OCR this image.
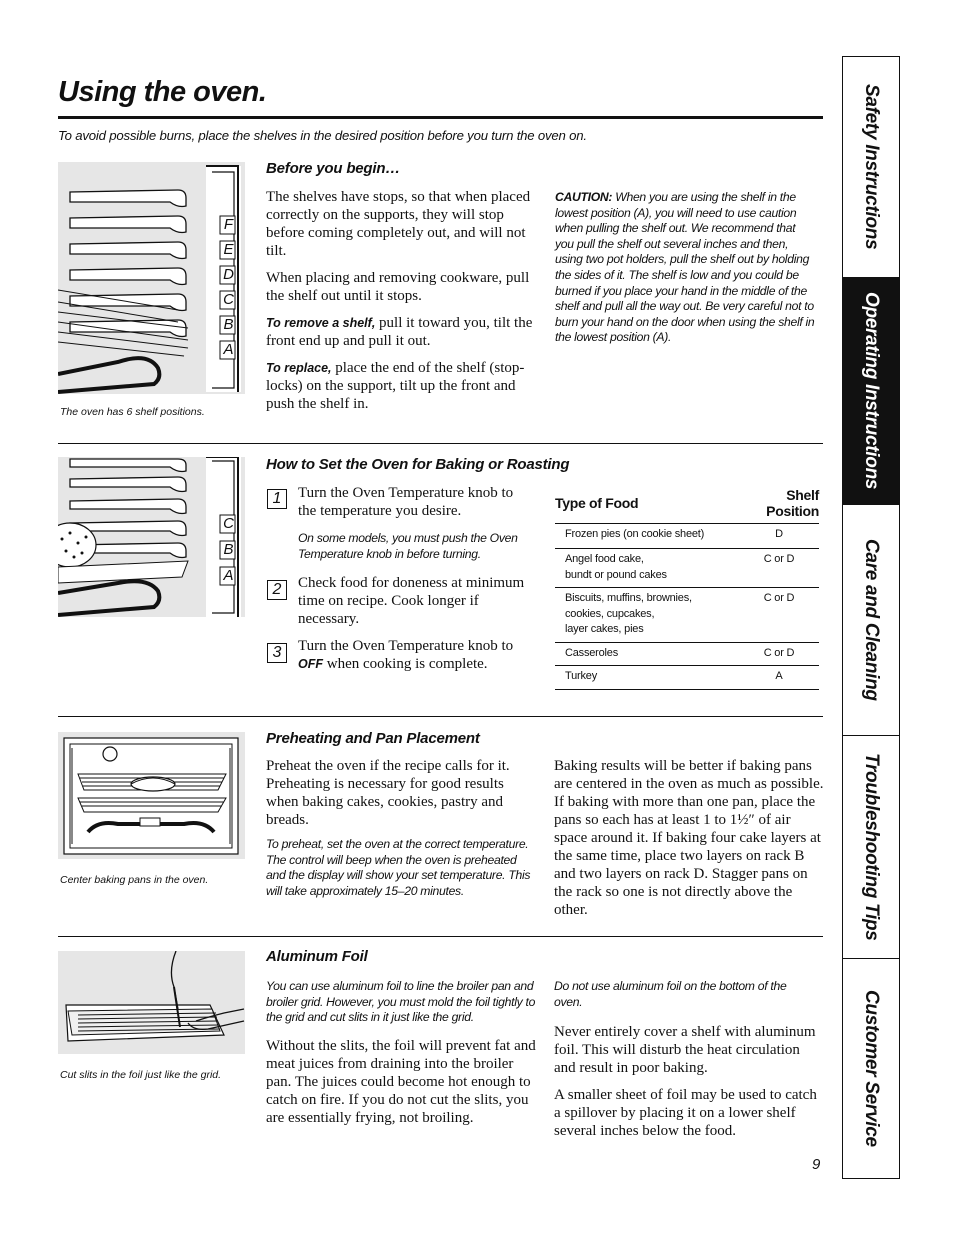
Using the oven.
To avoid possible burns, place the shelves in the desired position before you turn the oven on.
F
E
D
C
B
A
The oven has 6 shelf positions.
Before you begin…

The shelves have stops, so that when placed correctly on the supports, they will stop before coming completely out, and will not tilt.

When placing and removing cookware, pull the shelf out until it stops.

To remove a shelf, pull it toward you, tilt the front end up and pull it out.

To replace, place the end of the shelf (stop-locks) on the support, tilt up the front and push the shelf in.

CAUTION: When you are using the shelf in the lowest position (A), you will need to use caution when pulling the shelf out. We recommend that you pull the shelf out several inches and then, using two pot holders, pull the shelf out by holding the sides of it. The shelf is low and you could be burned if you place your hand in the middle of the shelf and pull all the way out. Be very careful not to burn your hand on the door when using the shelf in the lowest position (A).
C
B
A
How to Set the Oven for Baking or Roasting
1	Turn the Oven Temperature knob to the temperature you desire.
On some models, you must push the Oven Temperature knob in before turning.
2	Check food for doneness at minimum time on recipe. Cook longer if necessary.
3	Turn the Oven Temperature knob to OFF when cooking is complete.
Type of Food	Shelf Position
Frozen pies (on cookie sheet)	D
Angel food cake,
bundt or pound cakes	C or D
Biscuits, muffins, brownies,
cookies, cupcakes,
layer cakes, pies	C or D
Casseroles	C or D
Turkey	A
Center baking pans in the oven.
Preheating and Pan Placement
Preheat the oven if the recipe calls for it. Preheating is necessary for good results when baking cakes, cookies, pastry and breads.
To preheat, set the oven at the correct temperature. The control will beep when the oven is preheated and the display will show your set temperature. This will take approximately 15–20 minutes.
Baking results will be better if baking pans are centered in the oven as much as possible. If baking with more than one pan, place the pans so each has at least 1 to 1½″ of air space around it. If baking four cake layers at the same time, place two layers on rack B and two layers on rack D. Stagger pans on the rack so one is not directly above the other.
Cut slits in the foil just like the grid.
Aluminum Foil
You can use aluminum foil to line the broiler pan and broiler grid. However, you must mold the foil tightly to the grid and cut slits in it just like the grid.
Without the slits, the foil will prevent fat and meat juices from draining into the broiler pan. The juices could become hot enough to catch on fire. If you do not cut the slits, you are essentially frying, not broiling.
Do not use aluminum foil on the bottom of the oven.
Never entirely cover a shelf with aluminum foil. This will disturb the heat circulation and result in poor baking.
A smaller sheet of foil may be used to catch a spillover by placing it on a lower shelf several inches below the food.
9
Safety Instructions
Operating Instructions
Care and Cleaning
Troubleshooting Tips
Customer Service
